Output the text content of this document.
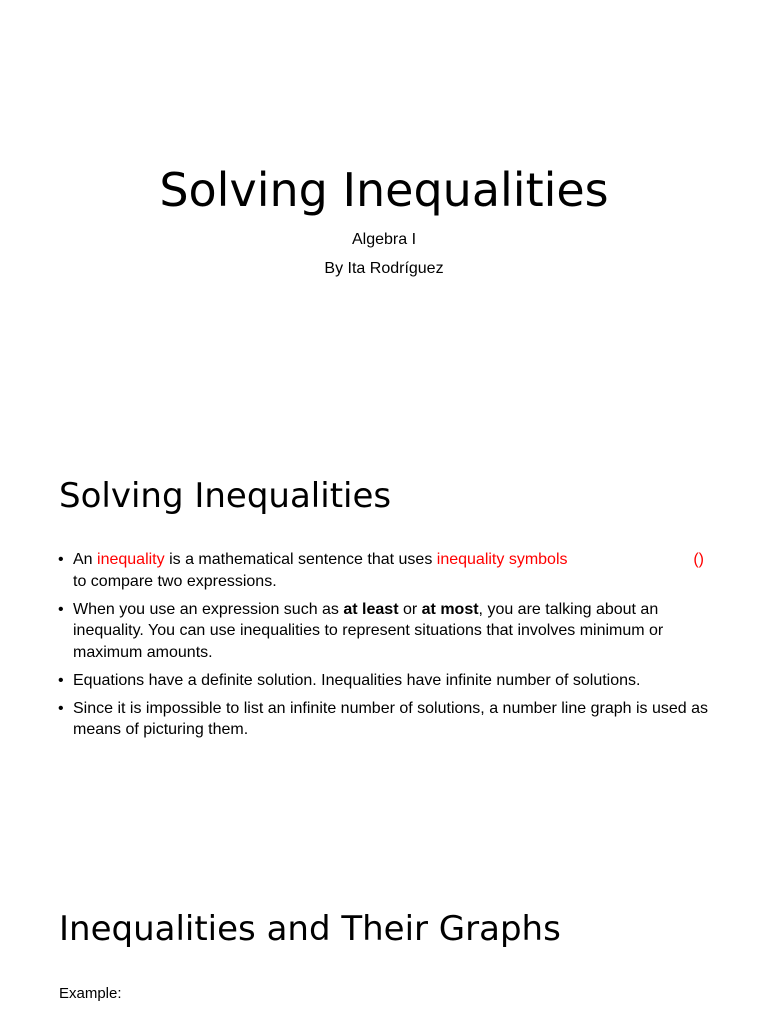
Solving Inequalities

Algebra I

By Ita Rodríguez

Solving Inequalities
• An inequality is a mathematical sentence that uses inequality symbols	()

to compare two expressions.
• When you use an expression such as at least or at most, you are talking about an inequality. You can use inequalities to represent situations that involves minimum or maximum amounts.
• Equations have a definite solution. Inequalities have infinite number of solutions.
• Since it is impossible to list an infinite number of solutions, a number line graph is used as means of picturing them.
Inequalities and Their Graphs

Example:
